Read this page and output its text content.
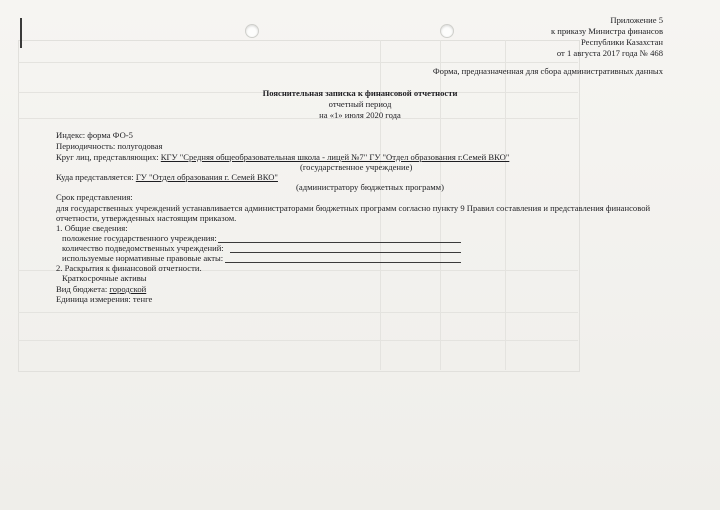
Приложение 5
к приказу Министра финансов
Республики Казахстан
от 1 августа 2017 года № 468
Форма, предназначенная для сбора административных данных
Пояснительная записка к финансовой отчетности
отчетный период
на «1» июля 2020 года
Индекс: форма ФО-5
Периодичность: полугодовая
Круг лиц, представляющих: КГУ "Средняя общеобразовательная школа - лицей №7" ГУ "Отдел образования г.Семей ВКО"
(государственное учреждение)
Куда представляется: ГУ "Отдел образования г. Семей ВКО"
(администратору бюджетных программ)
Срок представления:
для государственных учреждений устанавливается администраторами бюджетных программ согласно пункту 9 Правил составления и представления финансовой
отчетности, утвержденных настоящим приказом.
1. Общие сведения:
положение государственного учреждения:
количество подведомственных учреждений:
используемые нормативные правовые акты:
2. Раскрытия к финансовой отчетности.
Краткосрочные активы
Вид бюджета: городской
Единица измерения: тенге
